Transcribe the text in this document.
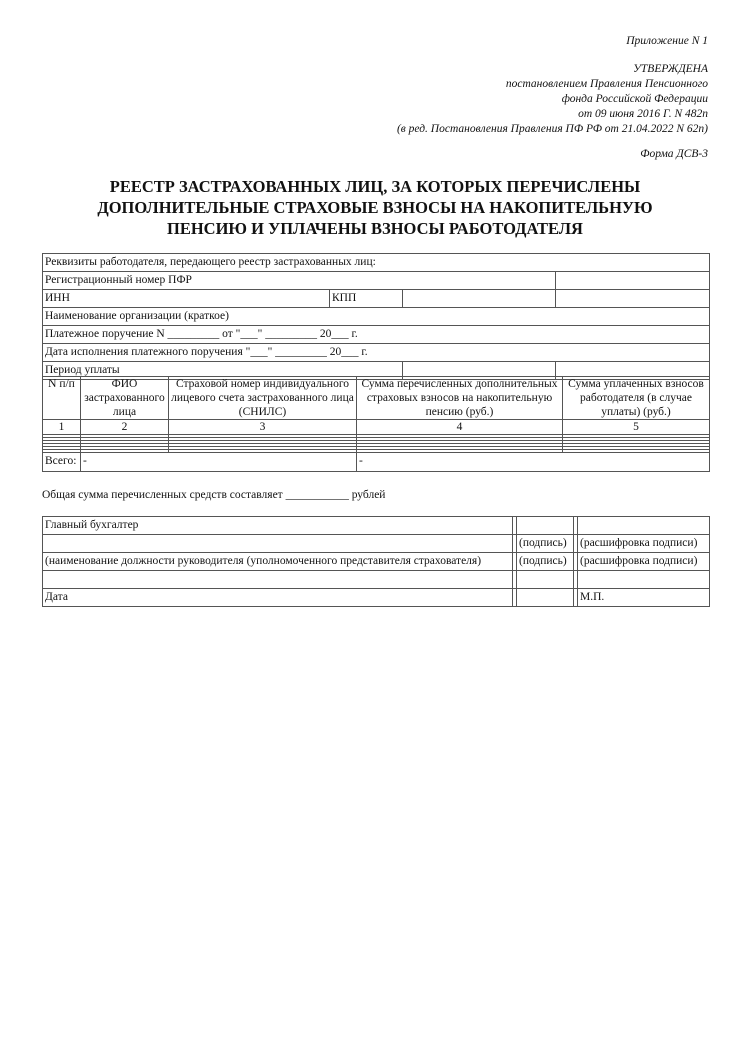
Приложение N 1
УТВЕРЖДЕНА
постановлением Правления Пенсионного
фонда Российской Федерации
от 09 июня 2016 Г. N 482п
(в ред. Постановления Правления ПФ РФ от 21.04.2022 N 62п)
Форма ДСВ-3
РЕЕСТР ЗАСТРАХОВАННЫХ ЛИЦ, ЗА КОТОРЫХ ПЕРЕЧИСЛЕНЫ
ДОПОЛНИТЕЛЬНЫЕ СТРАХОВЫЕ ВЗНОСЫ НА НАКОПИТЕЛЬНУЮ
ПЕНСИЮ И УПЛАЧЕНЫ ВЗНОСЫ РАБОТОДАТЕЛЯ
Реквизиты работодателя, передающего реестр застрахованных лиц:			
Регистрационный номер ПФР			
ИНН	КПП		
Наименование организации (краткое)			
Платежное поручение N _________ от "___" _________ 20___ г.			
Дата исполнения платежного поручения "___" _________ 20___ г.			
Период уплаты			
N п/п	ФИО застрахованного лица	Страховой номер индивидуального лицевого счета застрахованного лица (СНИЛС)	Сумма перечисленных дополнительных страховых взносов на накопительную пенсию (руб.)	Сумма уплаченных взносов работодателя (в случае уплаты) (руб.)
1	2	3	4	5

Всего:	-		-	
Общая сумма перечисленных средств составляет ___________ рублей
Главный бухгалтер				
		(подпись)		(расшифровка подписи)
(наименование должности руководителя (уполномоченного представителя страхователя)		(подпись)		(расшифровка подписи)

Дата				М.П.
